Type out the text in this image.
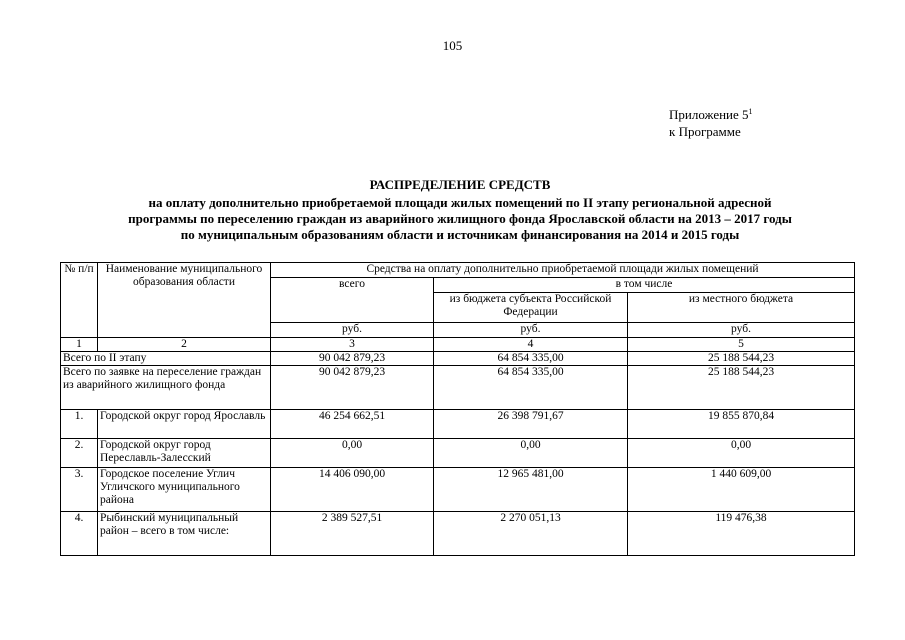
105
Приложение $5^1$
к Программе
РАСПРЕДЕЛЕНИЕ СРЕДСТВ
на оплату дополнительно приобретаемой площади жилых помещений по II этапу региональной адресной
программы по переселению граждан из аварийного жилищного фонда Ярославской области на 2013 – 2017 годы
по муниципальным образованиям области и источникам финансирования на 2014 и 2015 годы
№ п/п	Наименование муниципального образования области	Средства на оплату дополнительно приобретаемой площади жилых помещений		
		всего	в том числе	
			из бюджета субъекта Российской Федерации	из местного бюджета
		руб.	руб.	руб.
1	2	3	4	5
Всего по II этапу		90 042 879,23	64 854 335,00	25 188 544,23
Всего по заявке на переселение граждан из аварийного жилищного фонда		90 042 879,23	64 854 335,00	25 188 544,23
1.	Городской округ город Ярославль	46 254 662,51	26 398 791,67	19 855 870,84
2.	Городской округ город Переславль-Залесский	0,00	0,00	0,00
3.	Городское поселение Углич Угличского муниципального района	14 406 090,00	12 965 481,00	1 440 609,00
4.	Рыбинский муниципальный район – всего в том числе:	2 389 527,51	2 270 051,13	119 476,38
